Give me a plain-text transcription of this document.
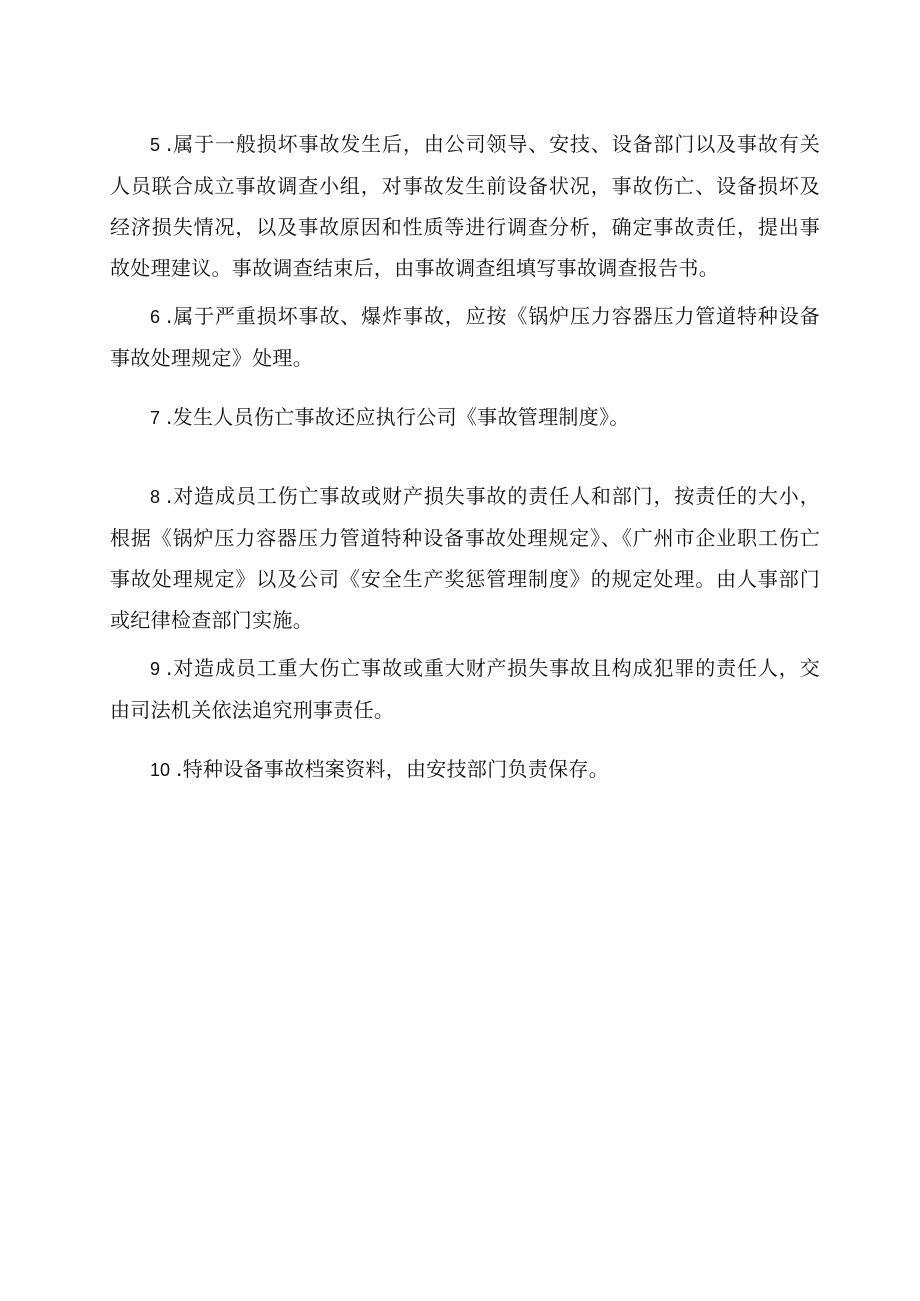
5 .属于一般损坏事故发生后，由公司领导、安技、设备部门以及事故有关人员联合成立事故调查小组，对事故发生前设备状况，事故伤亡、设备损坏及经济损失情况，以及事故原因和性质等进行调查分析，确定事故责任，提出事故处理建议。事故调查结束后，由事故调查组填写事故调查报告书。

6 .属于严重损坏事故、爆炸事故，应按《锅炉压力容器压力管道特种设备事故处理规定》处理。

7 .发生人员伤亡事故还应执行公司《事故管理制度》。

8 .对造成员工伤亡事故或财产损失事故的责任人和部门，按责任的大小，根据《锅炉压力容器压力管道特种设备事故处理规定》、《广州市企业职工伤亡事故处理规定》以及公司《安全生产奖惩管理制度》的规定处理。由人事部门或纪律检查部门实施。

9 .对造成员工重大伤亡事故或重大财产损失事故且构成犯罪的责任人，交由司法机关依法追究刑事责任。

10 .特种设备事故档案资料，由安技部门负责保存。
